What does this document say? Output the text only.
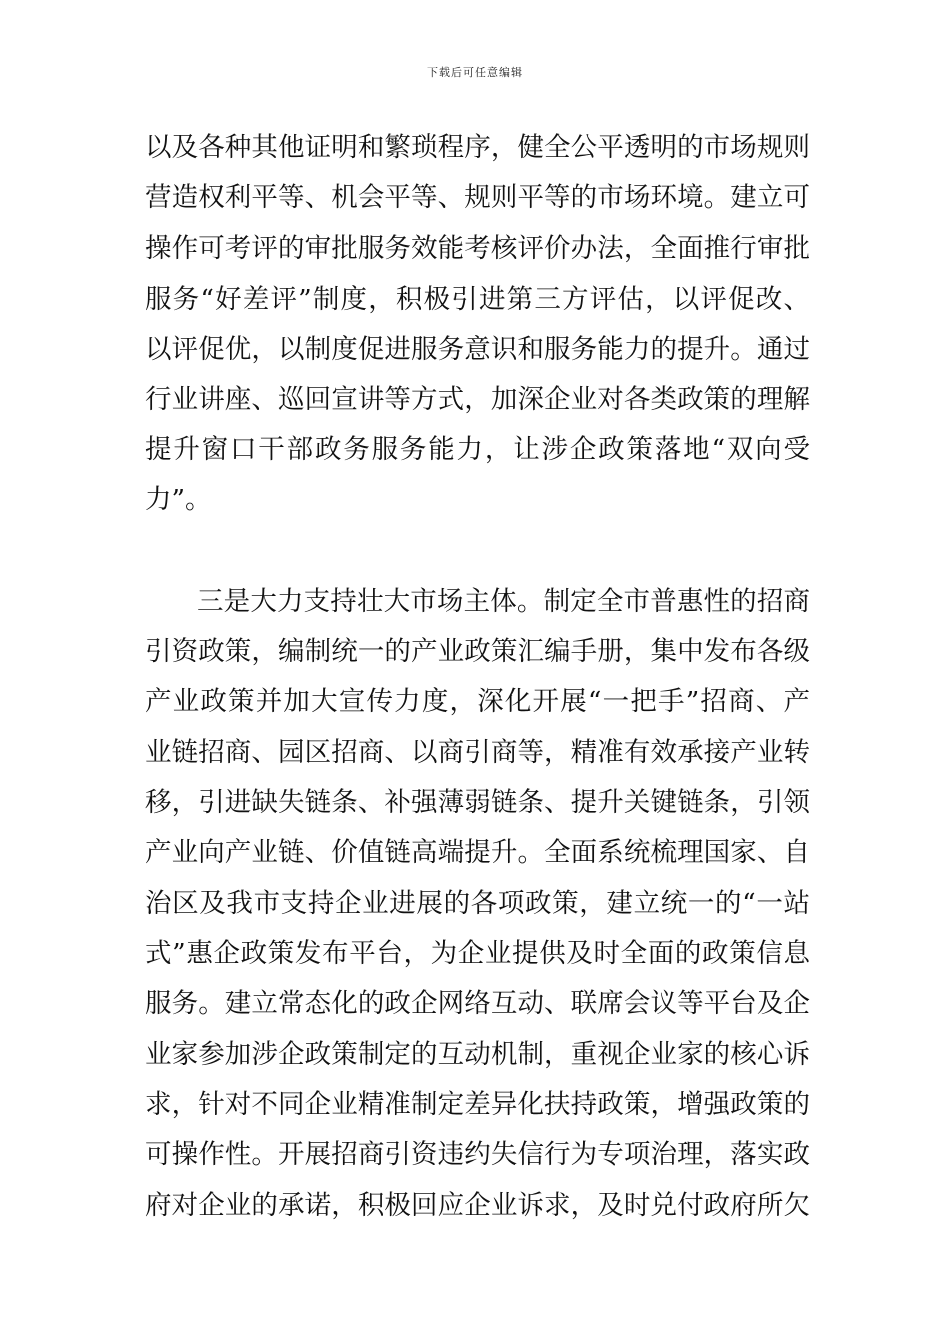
下载后可任意编辑
以及各种其他证明和繁琐程序，健全公平透明的市场规则
营造权利平等、机会平等、规则平等的市场环境。建立可
操作可考评的审批服务效能考核评价办法，全面推行审批
服务“好差评”制度，积极引进第三方评估，以评促改、
以评促优，以制度促进服务意识和服务能力的提升。通过
行业讲座、巡回宣讲等方式，加深企业对各类政策的理解
提升窗口干部政务服务能力，让涉企政策落地“双向受
力”。
三是大力支持壮大市场主体。制定全市普惠性的招商
引资政策，编制统一的产业政策汇编手册，集中发布各级
产业政策并加大宣传力度，深化开展“一把手”招商、产
业链招商、园区招商、以商引商等，精准有效承接产业转
移，引进缺失链条、补强薄弱链条、提升关键链条，引领
产业向产业链、价值链高端提升。全面系统梳理国家、自
治区及我市支持企业进展的各项政策，建立统一的“一站
式”惠企政策发布平台，为企业提供及时全面的政策信息
服务。建立常态化的政企网络互动、联席会议等平台及企
业家参加涉企政策制定的互动机制，重视企业家的核心诉
求，针对不同企业精准制定差异化扶持政策，增强政策的
可操作性。开展招商引资违约失信行为专项治理，落实政
府对企业的承诺，积极回应企业诉求，及时兑付政府所欠
